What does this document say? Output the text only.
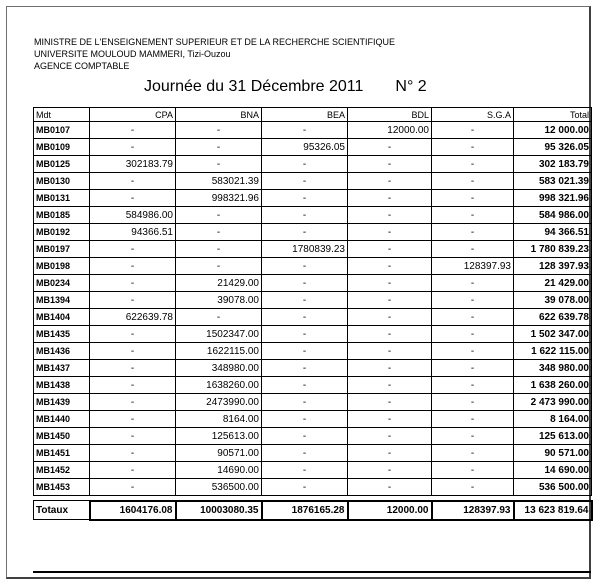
MINISTRE DE L'ENSEIGNEMENT SUPERIEUR ET DE LA RECHERCHE SCIENTIFIQUE
UNIVERSITE MOULOUD MAMMERI, Tizi-Ouzou
AGENCE COMPTABLE
Journée du 31 Décembre 2011 N° 2
Mdt	CPA	BNA	BEA	BDL	S.G.A	Total
MB0107	-	-	-	12000.00	-	12 000.00
MB0109	-	-	95326.05	-	-	95 326.05
MB0125	302183.79	-	-	-	-	302 183.79
MB0130	-	583021.39	-	-	-	583 021.39
MB0131	-	998321.96	-	-	-	998 321.96
MB0185	584986.00	-	-	-	-	584 986.00
MB0192	94366.51	-	-	-	-	94 366.51
MB0197	-	-	1780839.23	-	-	1 780 839.23
MB0198	-	-	-	-	128397.93	128 397.93
MB0234	-	21429.00	-	-	-	21 429.00
MB1394	-	39078.00	-	-	-	39 078.00
MB1404	622639.78	-	-	-	-	622 639.78
MB1435	-	1502347.00	-	-	-	1 502 347.00
MB1436	-	1622115.00	-	-	-	1 622 115.00
MB1437	-	348980.00	-	-	-	348 980.00
MB1438	-	1638260.00	-	-	-	1 638 260.00
MB1439	-	2473990.00	-	-	-	2 473 990.00
MB1440	-	8164.00	-	-	-	8 164.00
MB1450	-	125613.00	-	-	-	125 613.00
MB1451	-	90571.00	-	-	-	90 571.00
MB1452	-	14690.00	-	-	-	14 690.00
MB1453	-	536500.00	-	-	-	536 500.00

Totaux	1604176.08	10003080.35	1876165.28	12000.00	128397.93	13 623 819.64
